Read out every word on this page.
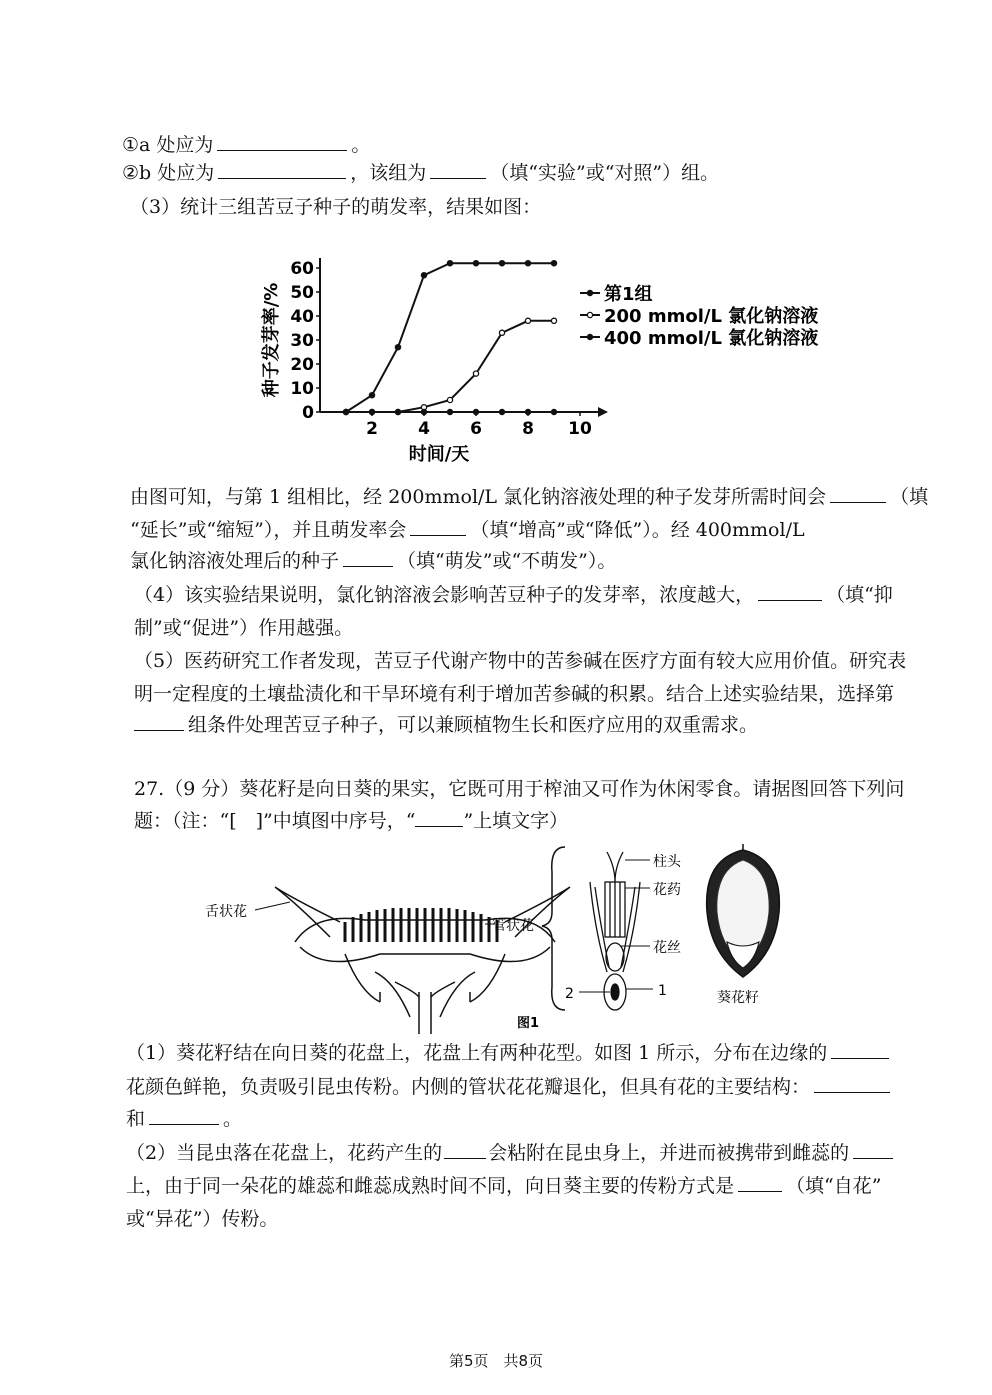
①a 处应为	。
②b 处应为	，该组为	（填“实验”或“对照”）组。
（3）统计三组苦豆子种子的萌发率，结果如图：
0
10
20
30
40
50
60
2 4 6 8 10
时间/天
种子发芽率/%	第1组
200 mmol/L 氯化钠溶液
400 mmol/L 氯化钠溶液
由图可知，与第 1 组相比，经 200mmol/L 氯化钠溶液处理的种子发芽所需时间会	（填
“延长”或“缩短”），并且萌发率会	（填“增高”或“降低”）。经 400mmol/L
氯化钠溶液处理后的种子	（填“萌发”或“不萌发”）。
（4）该实验结果说明，氯化钠溶液会影响苦豆种子的发芽率，浓度越大，	（填“抑
制”或“促进”）作用越强。
（5）医药研究工作者发现，苦豆子代谢产物中的苦参碱在医疗方面有较大应用价值。研究表
明一定程度的土壤盐渍化和干旱环境有利于增加苦参碱的积累。结合上述实验结果，选择第
组条件处理苦豆子种子，可以兼顾植物生长和医疗应用的双重需求。
27.（9 分）葵花籽是向日葵的果实，它既可用于榨油又可作为休闲零食。请据图回答下列问
题：（注：“[　]”中填图中序号，“	”上填文字）
舌状花
管状花
柱头
花药
花丝
1
2	葵花籽
图1
（1）葵花籽结在向日葵的花盘上，花盘上有两种花型。如图 1 所示，分布在边缘的
花颜色鲜艳，负责吸引昆虫传粉。内侧的管状花花瓣退化，但具有花的主要结构：
和	。
（2）当昆虫落在花盘上，花药产生的 会粘附在昆虫身上，并进而被携带到雌蕊的
上，由于同一朵花的雄蕊和雌蕊成熟时间不同，向日葵主要的传粉方式是	（填“自花”
或“异花”）传粉。
第5页　共8页
